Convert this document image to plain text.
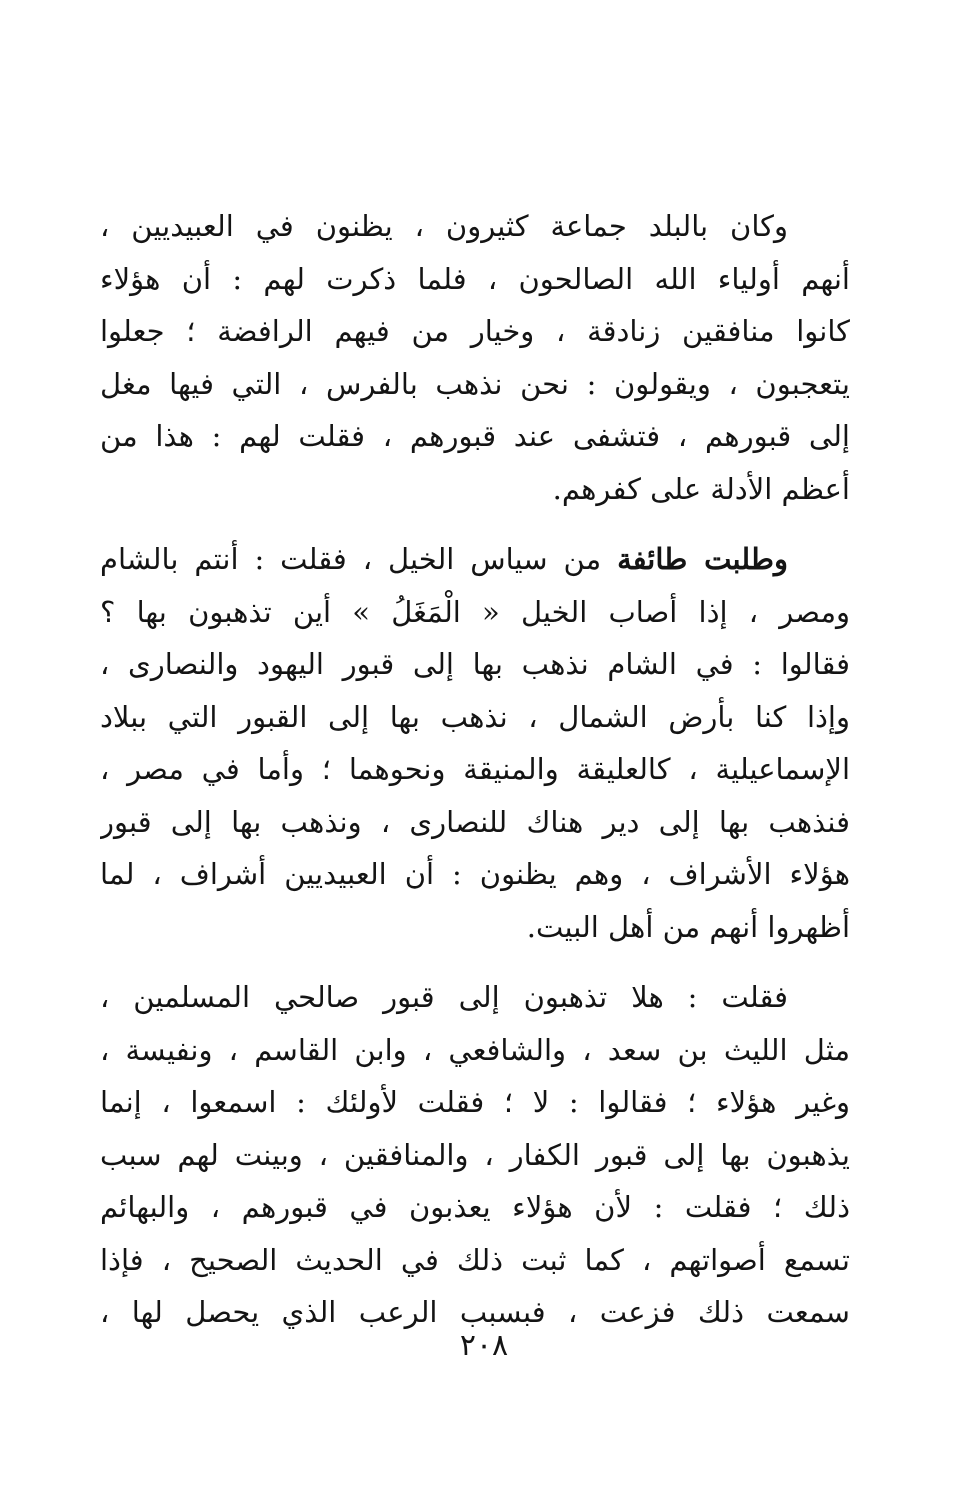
وكان بالبلد جماعة كثيرون ، يظنون في العبيديين ،
أنهم أولياء الله الصالحون ، فلما ذكرت لهم : أن هؤلاء
كانوا منافقين زنادقة ، وخيار من فيهم الرافضة ؛ جعلوا
يتعجبون ، ويقولون : نحن نذهب بالفرس ، التي فيها مغل
إلى قبورهم ، فتشفى عند قبورهم ، فقلت لهم : هذا من
أعظم الأدلة على كفرهم.
وطلبت طائفة من سياس الخيل ، فقلت : أنتم بالشام
ومصر ، إذا أصاب الخيل « الْمَغَلُ » أين تذهبون بها ؟
فقالوا : في الشام نذهب بها إلى قبور اليهود والنصارى ،
وإذا كنا بأرض الشمال ، نذهب بها إلى القبور التي ببلاد
الإسماعيلية ، كالعليقة والمنيقة ونحوهما ؛ وأما في مصر ،
فنذهب بها إلى دير هناك للنصارى ، ونذهب بها إلى قبور
هؤلاء الأشراف ، وهم يظنون : أن العبيديين أشراف ، لما
أظهروا أنهم من أهل البيت.
فقلت : هلا تذهبون إلى قبور صالحي المسلمين ،
مثل الليث بن سعد ، والشافعي ، وابن القاسم ، ونفيسة ،
وغير هؤلاء ؛ فقالوا : لا ؛ فقلت لأولئك : اسمعوا ، إنما
يذهبون بها إلى قبور الكفار ، والمنافقين ، وبينت لهم سبب
ذلك ؛ فقلت : لأن هؤلاء يعذبون في قبورهم ، والبهائم
تسمع أصواتهم ، كما ثبت ذلك في الحديث الصحيح ، فإذا
سمعت ذلك فزعت ، فبسبب الرعب الذي يحصل لها ،
٢٠٨
